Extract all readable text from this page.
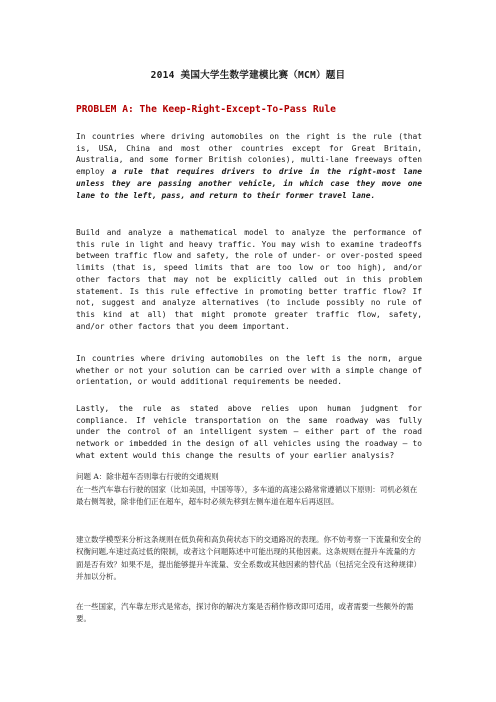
2014 美国大学生数学建模比赛（MCM）题目
PROBLEM A: The Keep-Right-Except-To-Pass Rule
In countries where driving automobiles on the right is the rule (that is, USA, China and most other countries except for Great Britain, Australia, and some former British colonies), multi-lane freeways often employ a rule that requires drivers to drive in the right-most lane unless they are passing another vehicle, in which case they move one lane to the left, pass, and return to their former travel lane.
Build and analyze a mathematical model to analyze the performance of this rule in light and heavy traffic. You may wish to examine tradeoffs between traffic flow and safety, the role of under- or over-posted speed limits (that is, speed limits that are too low or too high), and/or other factors that may not be explicitly called out in this problem statement. Is this rule effective in promoting better traffic flow? If not, suggest and analyze alternatives (to include possibly no rule of this kind at all) that might promote greater traffic flow, safety, and/or other factors that you deem important.
In countries where driving automobiles on the left is the norm, argue whether or not your solution can be carried over with a simple change of orientation, or would additional requirements be needed.
Lastly, the rule as stated above relies upon human judgment for compliance. If vehicle transportation on the same roadway was fully under the control of an intelligent system – either part of the road network or imbedded in the design of all vehicles using the roadway – to what extent would this change the results of your earlier analysis?
问题 A：除非超车否则靠右行驶的交通规则
在一些汽车靠右行驶的国家（比如美国，中国等等），多车道的高速公路常常遵循以下原则：司机必须在最右侧驾驶，除非他们正在超车，超车时必须先移到左侧车道在超车后再返回。
建立数学模型来分析这条规则在低负荷和高负荷状态下的交通路况的表现。你不妨考察一下流量和安全的权衡问题,车速过高过低的限制，或者这个问题陈述中可能出现的其他因素。这条规则在提升车流量的方面是否有效？如果不是，提出能够提升车流量、安全系数或其他因素的替代品（包括完全没有这种规律）并加以分析。
在一些国家，汽车靠左形式是常态，探讨你的解决方案是否稍作修改即可适用，或者需要一些额外的需要。
